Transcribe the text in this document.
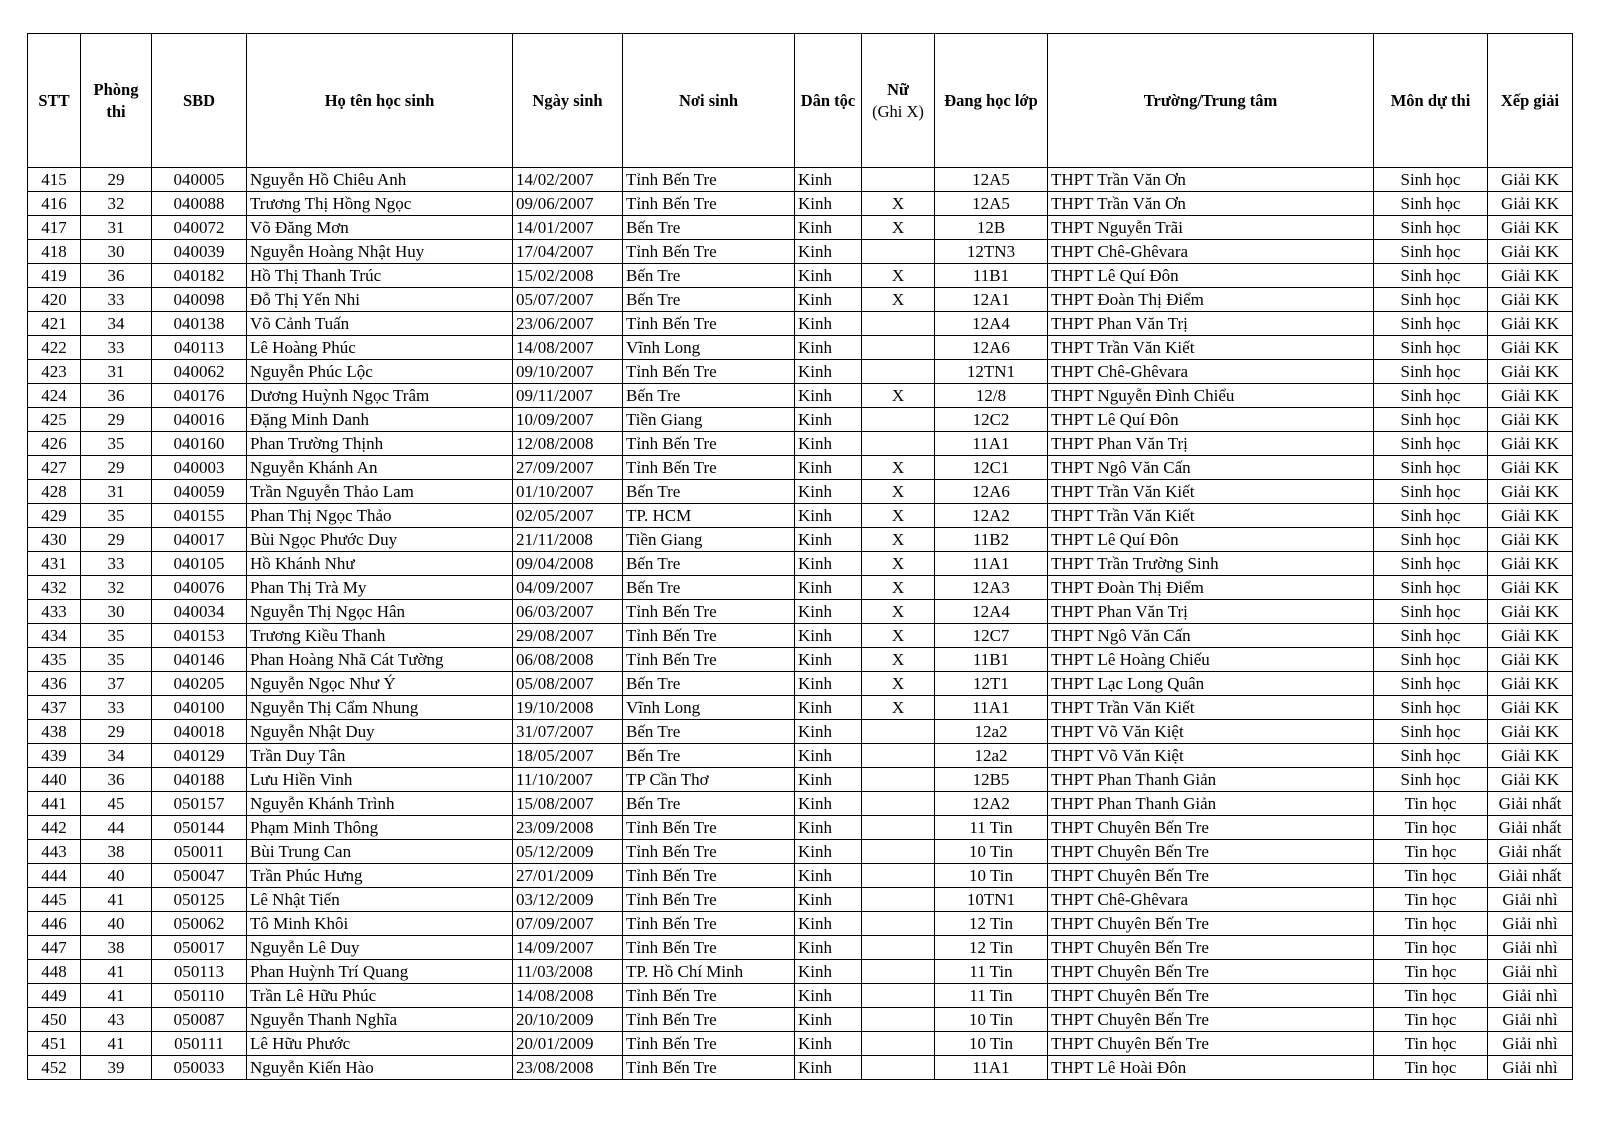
STT	Phòng thi	SBD	Họ tên học sinh	Ngày sinh	Nơi sinh	Dân tộc	Nữ
(Ghi X)	Đang học lớp	Trường/Trung tâm	Môn dự thi	Xếp giải
415	29	040005	Nguyễn Hồ Chiêu Anh	14/02/2007	Tỉnh Bến Tre	Kinh		12A5	THPT Trần Văn Ơn	Sinh học	Giải KK
416	32	040088	Trương Thị Hồng Ngọc	09/06/2007	Tỉnh Bến Tre	Kinh	X	12A5	THPT Trần Văn Ơn	Sinh học	Giải KK
417	31	040072	Võ Đăng Mơn	14/01/2007	Bến Tre	Kinh	X	12B	THPT Nguyễn Trãi	Sinh học	Giải KK
418	30	040039	Nguyễn Hoàng Nhật Huy	17/04/2007	Tỉnh Bến Tre	Kinh		12TN3	THPT Chê-Ghêvara	Sinh học	Giải KK
419	36	040182	Hồ Thị Thanh Trúc	15/02/2008	Bến Tre	Kinh	X	11B1	THPT Lê Quí Đôn	Sinh học	Giải KK
420	33	040098	Đỗ Thị Yến Nhi	05/07/2007	Bến Tre	Kinh	X	12A1	THPT Đoàn Thị Điểm	Sinh học	Giải KK
421	34	040138	Võ Cảnh Tuấn	23/06/2007	Tỉnh Bến Tre	Kinh		12A4	THPT Phan Văn Trị	Sinh học	Giải KK
422	33	040113	Lê Hoàng Phúc	14/08/2007	Vĩnh Long	Kinh		12A6	THPT Trần Văn Kiết	Sinh học	Giải KK
423	31	040062	Nguyễn Phúc Lộc	09/10/2007	Tỉnh Bến Tre	Kinh		12TN1	THPT Chê-Ghêvara	Sinh học	Giải KK
424	36	040176	Dương Huỳnh Ngọc Trâm	09/11/2007	Bến Tre	Kinh	X	12/8	THPT Nguyễn Đình Chiểu	Sinh học	Giải KK
425	29	040016	Đặng Minh Danh	10/09/2007	Tiền Giang	Kinh		12C2	THPT Lê Quí Đôn	Sinh học	Giải KK
426	35	040160	Phan Trường Thịnh	12/08/2008	Tỉnh Bến Tre	Kinh		11A1	THPT Phan Văn Trị	Sinh học	Giải KK
427	29	040003	Nguyễn Khánh An	27/09/2007	Tỉnh Bến Tre	Kinh	X	12C1	THPT Ngô Văn Cấn	Sinh học	Giải KK
428	31	040059	Trần Nguyễn Thảo Lam	01/10/2007	Bến Tre	Kinh	X	12A6	THPT Trần Văn Kiết	Sinh học	Giải KK
429	35	040155	Phan Thị Ngọc Thảo	02/05/2007	TP. HCM	Kinh	X	12A2	THPT Trần Văn Kiết	Sinh học	Giải KK
430	29	040017	Bùi Ngọc Phước Duy	21/11/2008	Tiền Giang	Kinh	X	11B2	THPT Lê Quí Đôn	Sinh học	Giải KK
431	33	040105	Hồ Khánh Như	09/04/2008	Bến Tre	Kinh	X	11A1	THPT Trần Trường Sinh	Sinh học	Giải KK
432	32	040076	Phan Thị Trà My	04/09/2007	Bến Tre	Kinh	X	12A3	THPT Đoàn Thị Điểm	Sinh học	Giải KK
433	30	040034	Nguyễn Thị Ngọc Hân	06/03/2007	Tỉnh Bến Tre	Kinh	X	12A4	THPT Phan Văn Trị	Sinh học	Giải KK
434	35	040153	Trương Kiều Thanh	29/08/2007	Tỉnh Bến Tre	Kinh	X	12C7	THPT Ngô Văn Cấn	Sinh học	Giải KK
435	35	040146	Phan Hoàng Nhã Cát Tường	06/08/2008	Tỉnh Bến Tre	Kinh	X	11B1	THPT Lê Hoàng Chiếu	Sinh học	Giải KK
436	37	040205	Nguyễn Ngọc Như Ý	05/08/2007	Bến Tre	Kinh	X	12T1	THPT Lạc Long Quân	Sinh học	Giải KK
437	33	040100	Nguyễn Thị Cẩm Nhung	19/10/2008	Vĩnh Long	Kinh	X	11A1	THPT Trần Văn Kiết	Sinh học	Giải KK
438	29	040018	Nguyễn Nhật Duy	31/07/2007	Bến Tre	Kinh		12a2	THPT Võ Văn Kiệt	Sinh học	Giải KK
439	34	040129	Trần Duy Tân	18/05/2007	Bến Tre	Kinh		12a2	THPT Võ Văn Kiệt	Sinh học	Giải KK
440	36	040188	Lưu Hiền Vinh	11/10/2007	TP Cần Thơ	Kinh		12B5	THPT Phan Thanh Giản	Sinh học	Giải KK
441	45	050157	Nguyễn Khánh Trình	15/08/2007	Bến Tre	Kinh		12A2	THPT Phan Thanh Giản	Tin học	Giải nhất
442	44	050144	Phạm Minh Thông	23/09/2008	Tỉnh Bến Tre	Kinh		11 Tin	THPT Chuyên Bến Tre	Tin học	Giải nhất
443	38	050011	Bùi Trung Can	05/12/2009	Tỉnh Bến Tre	Kinh		10 Tin	THPT Chuyên Bến Tre	Tin học	Giải nhất
444	40	050047	Trần Phúc Hưng	27/01/2009	Tỉnh Bến Tre	Kinh		10 Tin	THPT Chuyên Bến Tre	Tin học	Giải nhất
445	41	050125	Lê Nhật Tiến	03/12/2009	Tỉnh Bến Tre	Kinh		10TN1	THPT Chê-Ghêvara	Tin học	Giải nhì
446	40	050062	Tô Minh Khôi	07/09/2007	Tỉnh Bến Tre	Kinh		12 Tin	THPT Chuyên Bến Tre	Tin học	Giải nhì
447	38	050017	Nguyễn Lê Duy	14/09/2007	Tỉnh Bến Tre	Kinh		12 Tin	THPT Chuyên Bến Tre	Tin học	Giải nhì
448	41	050113	Phan Huỳnh Trí Quang	11/03/2008	TP. Hồ Chí Minh	Kinh		11 Tin	THPT Chuyên Bến Tre	Tin học	Giải nhì
449	41	050110	Trần Lê Hữu Phúc	14/08/2008	Tỉnh Bến Tre	Kinh		11 Tin	THPT Chuyên Bến Tre	Tin học	Giải nhì
450	43	050087	Nguyễn Thanh Nghĩa	20/10/2009	Tỉnh Bến Tre	Kinh		10 Tin	THPT Chuyên Bến Tre	Tin học	Giải nhì
451	41	050111	Lê Hữu Phước	20/01/2009	Tỉnh Bến Tre	Kinh		10 Tin	THPT Chuyên Bến Tre	Tin học	Giải nhì
452	39	050033	Nguyễn Kiến Hào	23/08/2008	Tỉnh Bến Tre	Kinh		11A1	THPT Lê Hoài Đôn	Tin học	Giải nhì
